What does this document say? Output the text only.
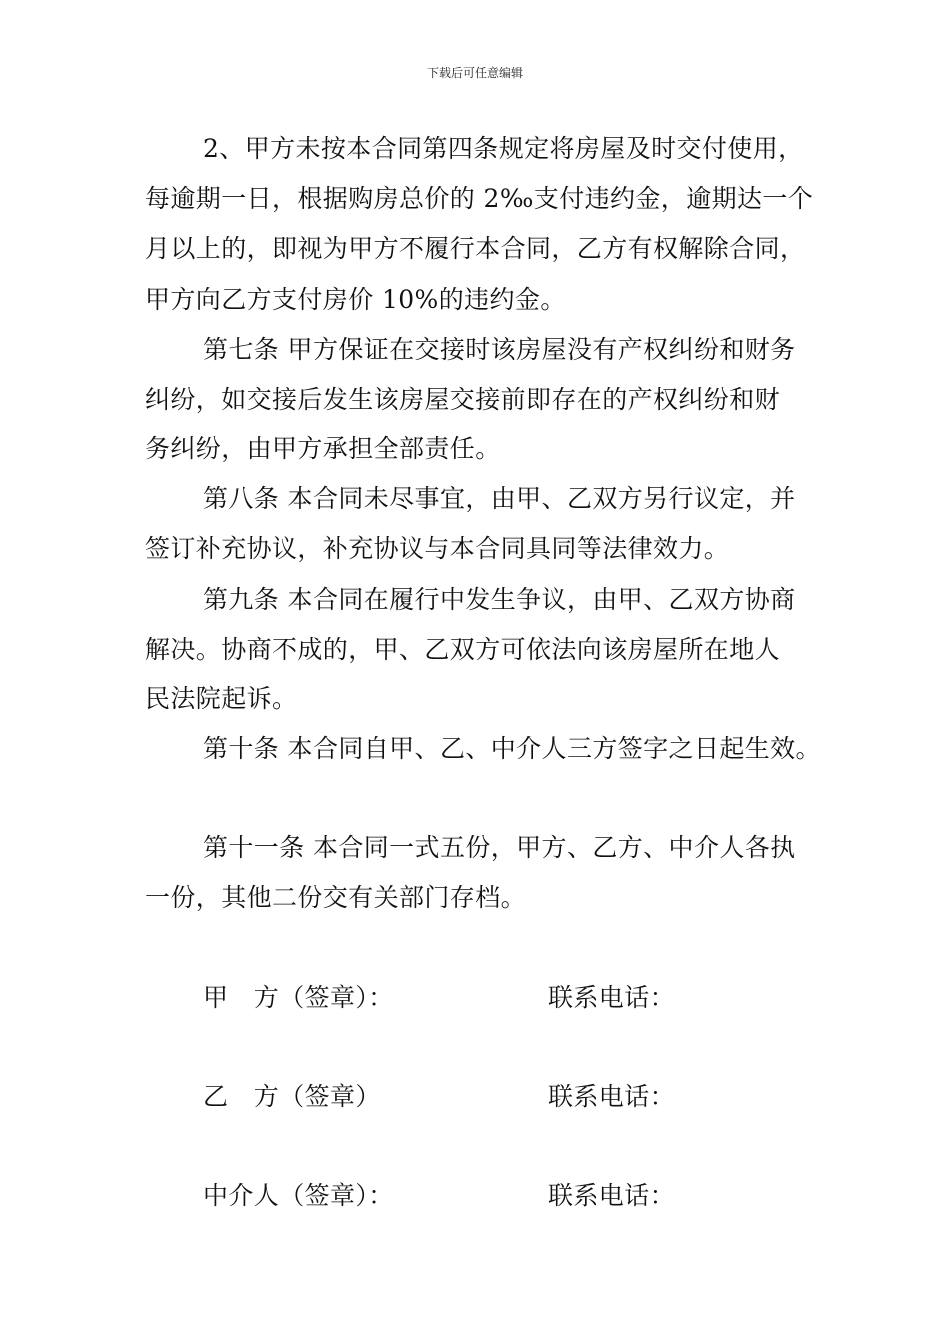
下载后可任意编辑
2、甲方未按本合同第四条规定将房屋及时交付使用，
每逾期一日，根据购房总价的 2‰支付违约金，逾期达一个
月以上的，即视为甲方不履行本合同，乙方有权解除合同，
甲方向乙方支付房价 10%的违约金。
第七条 甲方保证在交接时该房屋没有产权纠纷和财务
纠纷，如交接后发生该房屋交接前即存在的产权纠纷和财
务纠纷，由甲方承担全部责任。
第八条 本合同未尽事宜，由甲、乙双方另行议定，并
签订补充协议，补充协议与本合同具同等法律效力。
第九条 本合同在履行中发生争议，由甲、乙双方协商
解决。协商不成的，甲、乙双方可依法向该房屋所在地人
民法院起诉。
第十条 本合同自甲、乙、中介人三方签字之日起生效。
第十一条 本合同一式五份，甲方、乙方、中介人各执
一份，其他二份交有关部门存档。
甲　方（签章）：	联系电话：
乙　方（签章）	联系电话：
中介人（签章）：	联系电话：
